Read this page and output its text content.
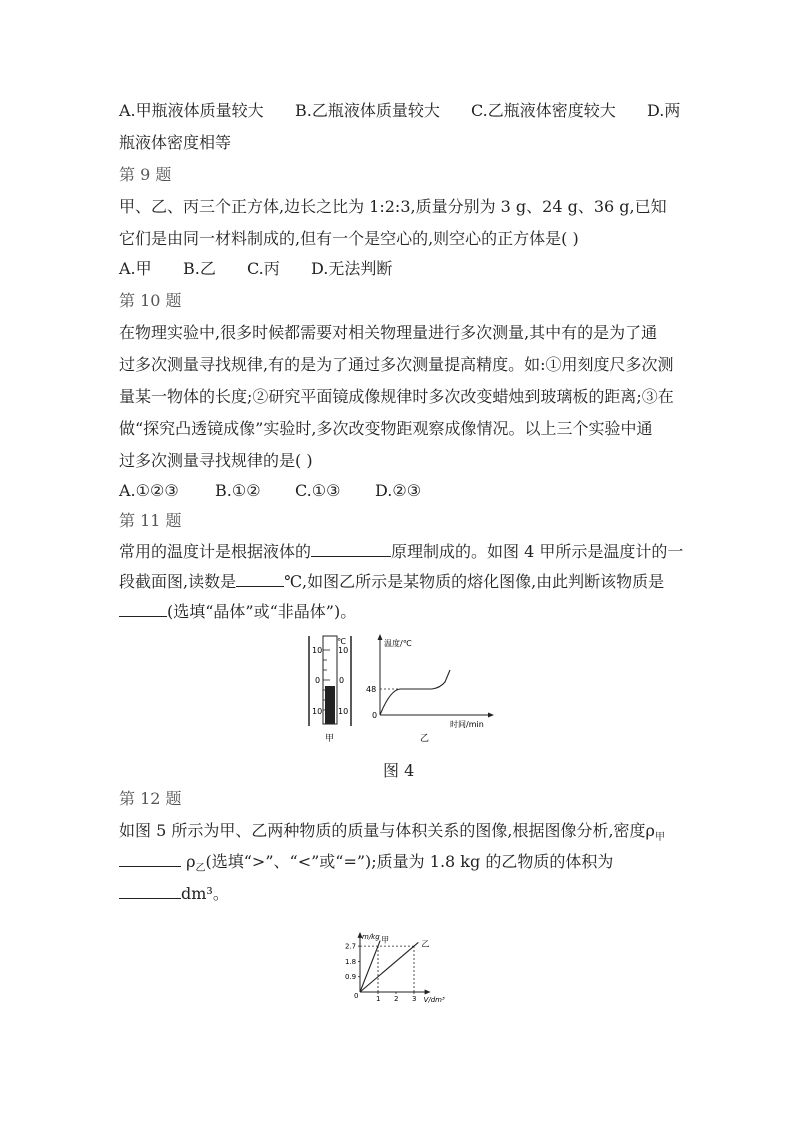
A.甲瓶液体质量较大 B.乙瓶液体质量较大 C.乙瓶液体密度较大 D.两
瓶液体密度相等
第 9 题
甲、乙、丙三个正方体,边长之比为 1:2:3,质量分别为 3 g、24 g、36 g,已知
它们是由同一材料制成的,但有一个是空心的,则空心的正方体是( )
A.甲 B.乙 C.丙 D.无法判断
第 10 题
在物理实验中,很多时候都需要对相关物理量进行多次测量,其中有的是为了通
过多次测量寻找规律,有的是为了通过多次测量提高精度。如:①用刻度尺多次测
量某一物体的长度;②研究平面镜成像规律时多次改变蜡烛到玻璃板的距离;③在
做“探究凸透镜成像”实验时,多次改变物距观察成像情况。以上三个实验中通
过多次测量寻找规律的是( )
A.①②③ B.①② C.①③ D.②③
第 11 题
常用的温度计是根据液体的	原理制成的。如图 4 甲所示是温度计的一
段截面图,读数是	℃,如图乙所示是某物质的熔化图像,由此判断该物质是
(选填“晶体”或“非晶体”)。
℃
10 10
0 0
10 10
甲
温度/℃
时间/min
0
48
乙
图 4
第 12 题
如图 5 所示为甲、乙两种物质的质量与体积关系的图像,根据图像分析,密度$\rho_甲$
$\rho_乙$(选填“>”、“<”或“=”);质量为 1.8 kg 的乙物质的体积为
dm³。
m/kg
V/dm³
0
0.9
1.8
2.7
1 2 3
甲	乙
